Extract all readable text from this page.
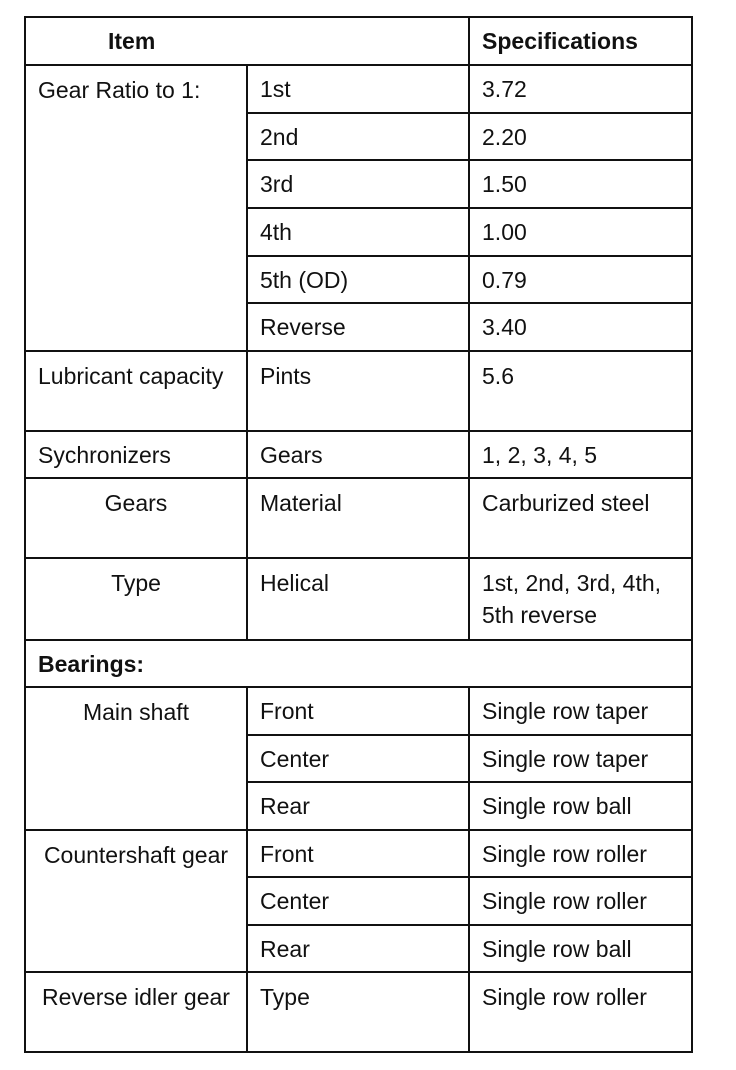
Item		Specifications
Gear Ratio to 1:	1st	3.72
	2nd	2.20
	3rd	1.50
	4th	1.00
	5th (OD)	0.79
	Reverse	3.40
Lubricant capacity	Pints	5.6
Sychronizers	Gears	1, 2, 3, 4, 5
Gears	Material	Carburized steel
Type	Helical	1st, 2nd, 3rd, 4th, 5th reverse
Bearings:		
Main shaft	Front	Single row taper
	Center	Single row taper
	Rear	Single row ball
Countershaft gear	Front	Single row roller
	Center	Single row roller
	Rear	Single row ball
Reverse idler gear	Type	Single row roller
